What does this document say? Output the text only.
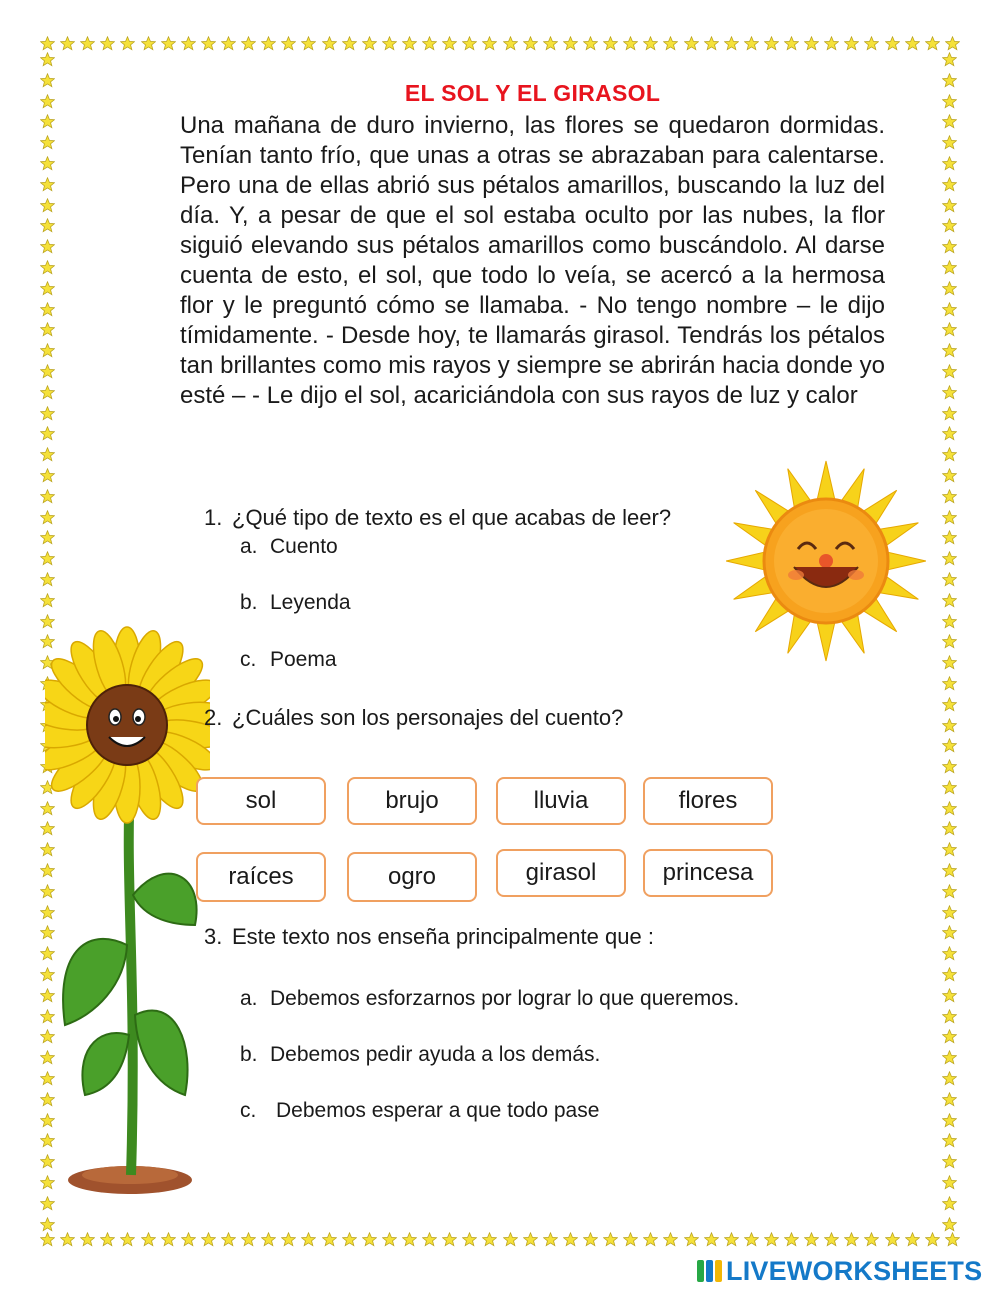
EL SOL Y EL GIRASOL

Una mañana de duro invierno, las flores se quedaron dormidas. Tenían tanto frío, que unas a otras se abrazaban para calentarse. Pero una de ellas abrió sus pétalos amarillos, buscando la luz del día. Y, a pesar de que el sol estaba oculto por las nubes, la flor siguió elevando sus pétalos amarillos como buscándolo. Al darse cuenta de esto, el sol, que todo lo veía, se acercó a la hermosa flor y le preguntó cómo se llamaba. - No tengo nombre – le dijo tímidamente. - Desde hoy, te llamarás girasol. Tendrás los pétalos tan brillantes como mis rayos y siempre se abrirán hacia donde yo esté – - Le dijo el sol, acariciándola con sus rayos de luz y calor

1. ¿Qué tipo de texto es el que acabas de leer?
a. Cuento
b. Leyenda
c. Poema
2. ¿Cuáles son los personajes del cuento?
sol	brujo	lluvia	flores
raíces	ogro	girasol	princesa
3. Este texto nos enseña principalmente que :
a. Debemos esforzarnos por lograr lo que queremos.
b. Debemos pedir ayuda a los demás.
c. Debemos esperar a que todo pase
LIVEWORKSHEETS
